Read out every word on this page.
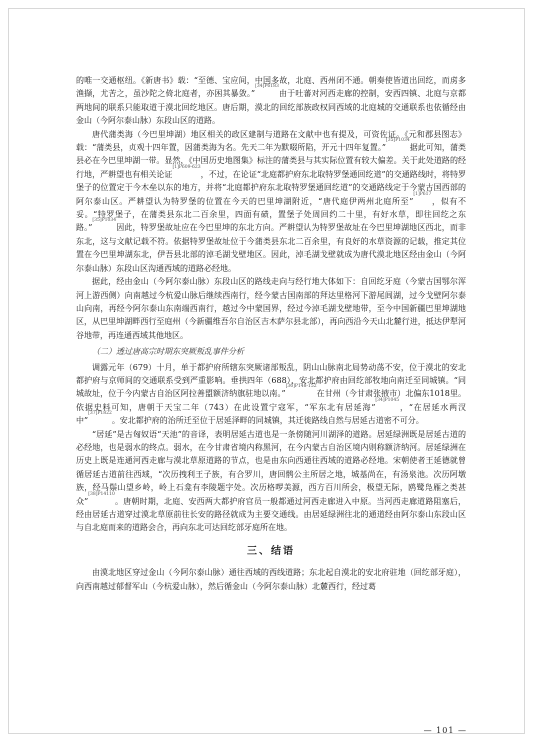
的唯一交通枢纽。《新唐书》载：“至德、宝应间，中国多故，北庭、西州闭不通。朝奏使皆道出回纥，而虏多渔撷，尤苦之，虽沙陀之倚北庭者，亦困其暴敛。”$^{[34]P6183}$由于吐蕃对河西走廊的控制，安西四镇、北庭与京都两地间的联系只能取道于漠北回纥地区。唐后期，漠北的回纥部族政权同西域的北庭城的交通联系也依循经由金山（今阿尔泰山脉）东段山区的道路。

唐代蒲类海（今巴里坤湖）地区相关的政区建制与道路在文献中也有提及，可资佐证。《元和郡县图志》载：“蒲类县，贞观十四年置，因蒲类海为名。先天二年为默啜所陷，开元十四年复置。”$^{[35]P1034}$据此可知，蒲类县必在今巴里坤湖一带。显然，《中国历史地图集》标注的蒲类县与其实际位置有较大偏差。关于此处道路的经行地，严耕望也有相关论证$^{[1]P609-623}$，不过，在论证“北庭都护府东北取特罗堡通回纥道”的交通路线时，将特罗堡子的位置定于今木垒以东的地方，并将“北庭都护府东北取特罗堡通回纥道”的交通路线定于今蒙古国西部的阿尔泰山区。严耕望认为特罗堡的位置在今天的巴里坤湖附近，“唐代庭伊两州北庭所至”$^{[1]P617}$，似有不妥。“特罗堡子，在蒲类县东北二百余里，四面有碛，置堡子处周回约二十里，有好水草，即往回纥之东路。”$^{[35]P1034}$因此，特罗堡故址应在今巴里坤的东北方向。严耕望认为特罗堡故址在今巴里坤湖地区西北，而非东北，这与文献记载不符。依据特罗堡故址位于今蒲类县东北二百余里，有良好的水草资源的记载，推定其位置在今巴里坤湖东北，伊吾县北部的淖毛湖戈壁地区。因此，淖毛湖戈壁就成为唐代漠北地区经由金山（今阿尔泰山脉）东段山区沟通西域的道路必经地。

据此，经由金山（今阿尔泰山脉）东段山区的路线走向与经行地大体如下：自回纥牙庭（今蒙古国鄂尔浑河上游西侧）向南越过今杭爱山脉后继续西南行，经今蒙古国南部的拜达里格河下游尾闾湖，过今戈壁阿尔泰山向南，再经今阿尔泰山东南端西南行，越过今中蒙国界，经过今淖毛湖戈壁地带，至今中国新疆巴里坤湖地区，从巴里坤湖畔西行至庭州（今新疆维吾尔自治区吉木萨尔县北部），再向西沿今天山北麓行进，抵达伊犁河谷地带，再连通西域其他地区。

（二）透过唐高宗时期东突厥叛乱事件分析

调露元年（679）十月，单于都护府所辖东突厥诸部叛乱，阴山山脉南北局势动荡不安，位于漠北的安北都护府与京师间的交通联系受到严重影响。垂拱四年（688），安北都护府由回纥部牧地向南迁至同城镇。“同城故址，位于今内蒙古自治区阿拉善盟额济纳旗驻地以南。”$^{[36]P148-152}$在甘州（今甘肃张掖市）北偏东1018里。依据史料可知，唐朝于天宝二年（743）在此设置宁寇军，“军东北有居延海”$^{[34]P1045}$，“在居延水两汊中”$^{[37]P1822}$。安北都护府的治所迁至位于居延泽畔的同城镇，其迁徙路线自然与居延古道密不可分。

“居延”是古匈奴语“天池”的音译，表明居延古道也是一条傍随河川湖泽的道路。居延绿洲既是居延古道的必经地，也是弱水的终点。弱水，在今甘肃省境内称黑河，在今内蒙古自治区境内则称额济纳河。居延绿洲在历史上既是连通河西走廊与漠北草原道路的节点，也是由东向西通往西域的道路必经地。宋朝使者王延德就曾循居延古道前往西域，“次历拽利王子族，有合罗川，唐回鹘公主所居之地，城基尚在，有汤泉池。次历阿墩族，经马鬃山望乡岭，岭上石龛有李陵题字处。次历格啰美源，西方百川所会，极望无际，鸥鹭凫雁之类甚众”$^{[38]P14110}$。唐朝时期，北庭、安西两大都护府官员一般都通过河西走廊进入中原。当河西走廊道路阻塞后，经由居延古道穿过漠北草原前往长安的路径就成为主要交通线。由居延绿洲往北的通道经由阿尔泰山东段山区与自北庭而来的道路会合，再向东北可达回纥部牙庭所在地。

三、结语

由漠北地区穿过金山（今阿尔泰山脉）通往西域的西线道路；东北起自漠北的安北府驻地（回纥部牙庭），向西南越过郁督军山（今杭爱山脉），然后循金山（今阿尔泰山脉）北麓西行，经过葛

— 101 —
